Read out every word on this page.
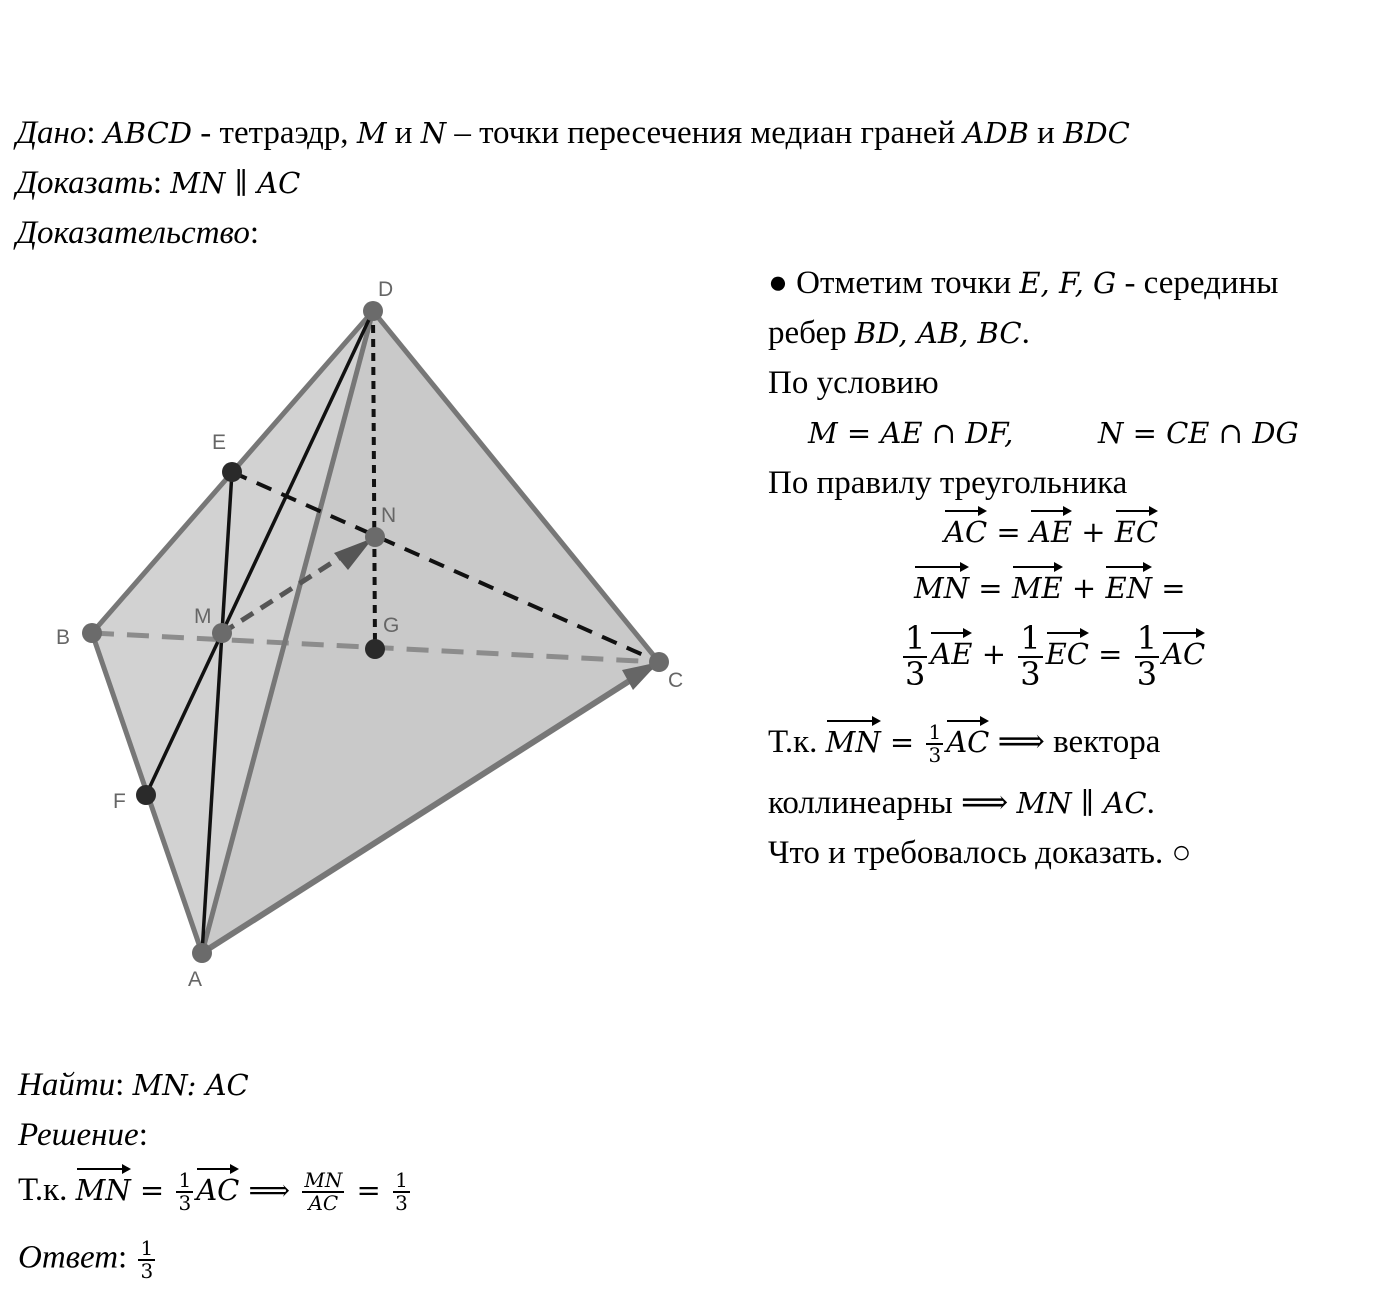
Дано: ABCD - тетраэдр, M и N – точки пересечения медиан граней ADB и BDC
Доказать: MN ∥ AC
Доказательство:
D
E
N
B
M	G
C
F
A
● Отметим точки E, F, G - середины
ребер BD, AB, BC.
По условию
M = AE ∩ DF,	N = CE ∩ DG
По правилу треугольника
AC =
AE +
EC
MN =
ME +
EN =
$\frac{1}{3}$ AE + $\frac{1}{3}$ EC = $\frac{1}{3}$ AC
Т.к.
MN = $\frac{1}{3}$ AC ⟹ вектора
коллинеарны ⟹ MN ∥ AC.
Что и требовалось доказать. ○
Найти: MN: AC
Решение:
Т.к.
MN = $\frac{1}{3}$ AC ⟹ $\frac{MN}{AC} = \frac{1}{3}$
Ответ: $\frac{1}{3}$
